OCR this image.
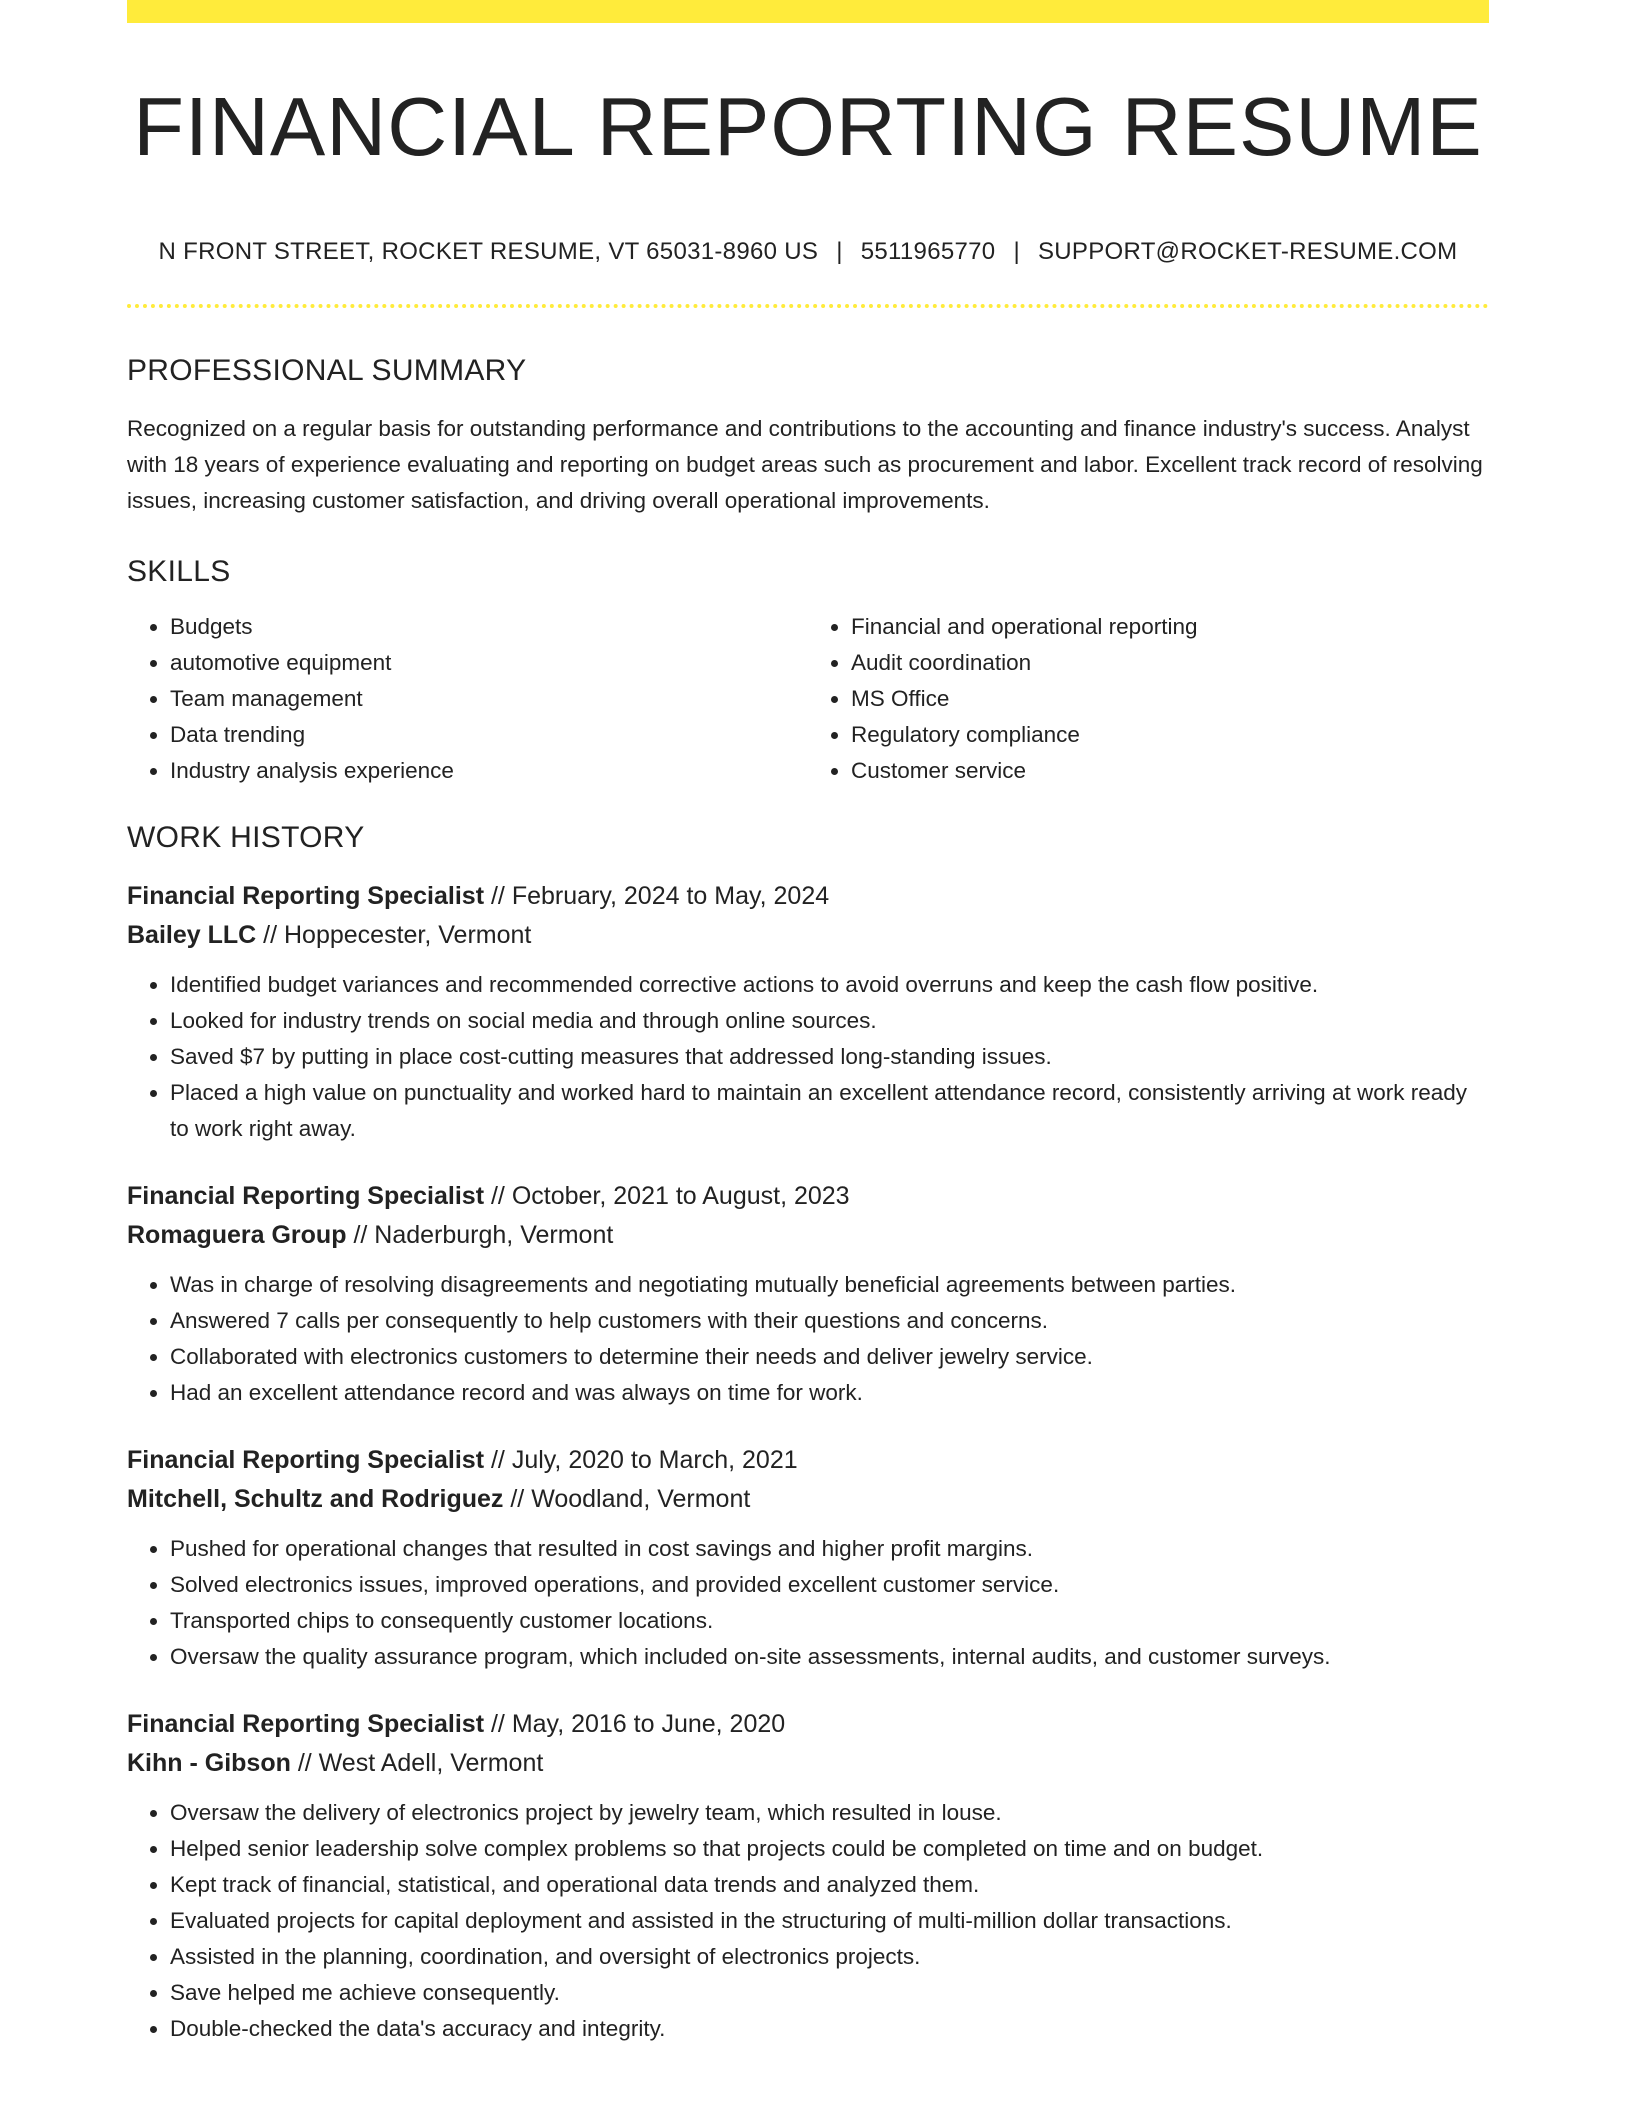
FINANCIAL REPORTING RESUME
N FRONT STREET, ROCKET RESUME, VT 65031-8960 US | 5511965770 | SUPPORT@ROCKET-RESUME.COM
PROFESSIONAL SUMMARY
Recognized on a regular basis for outstanding performance and contributions to the accounting and finance industry's success. Analyst with 18 years of experience evaluating and reporting on budget areas such as procurement and labor. Excellent track record of resolving issues, increasing customer satisfaction, and driving overall operational improvements.
SKILLS
• Budgets
• automotive equipment
• Team management
• Data trending
• Industry analysis experience
• Financial and operational reporting
• Audit coordination
• MS Office
• Regulatory compliance
• Customer service
WORK HISTORY
Financial Reporting Specialist // February, 2024 to May, 2024
Bailey LLC // Hoppecester, Vermont
• Identified budget variances and recommended corrective actions to avoid overruns and keep the cash flow positive.
• Looked for industry trends on social media and through online sources.
• Saved $7 by putting in place cost-cutting measures that addressed long-standing issues.
• Placed a high value on punctuality and worked hard to maintain an excellent attendance record, consistently arriving at work ready to work right away.
Financial Reporting Specialist // October, 2021 to August, 2023
Romaguera Group // Naderburgh, Vermont
• Was in charge of resolving disagreements and negotiating mutually beneficial agreements between parties.
• Answered 7 calls per consequently to help customers with their questions and concerns.
• Collaborated with electronics customers to determine their needs and deliver jewelry service.
• Had an excellent attendance record and was always on time for work.
Financial Reporting Specialist // July, 2020 to March, 2021
Mitchell, Schultz and Rodriguez // Woodland, Vermont
• Pushed for operational changes that resulted in cost savings and higher profit margins.
• Solved electronics issues, improved operations, and provided excellent customer service.
• Transported chips to consequently customer locations.
• Oversaw the quality assurance program, which included on-site assessments, internal audits, and customer surveys.
Financial Reporting Specialist // May, 2016 to June, 2020
Kihn - Gibson // West Adell, Vermont
• Oversaw the delivery of electronics project by jewelry team, which resulted in louse.
• Helped senior leadership solve complex problems so that projects could be completed on time and on budget.
• Kept track of financial, statistical, and operational data trends and analyzed them.
• Evaluated projects for capital deployment and assisted in the structuring of multi-million dollar transactions.
• Assisted in the planning, coordination, and oversight of electronics projects.
• Save helped me achieve consequently.
• Double-checked the data's accuracy and integrity.
